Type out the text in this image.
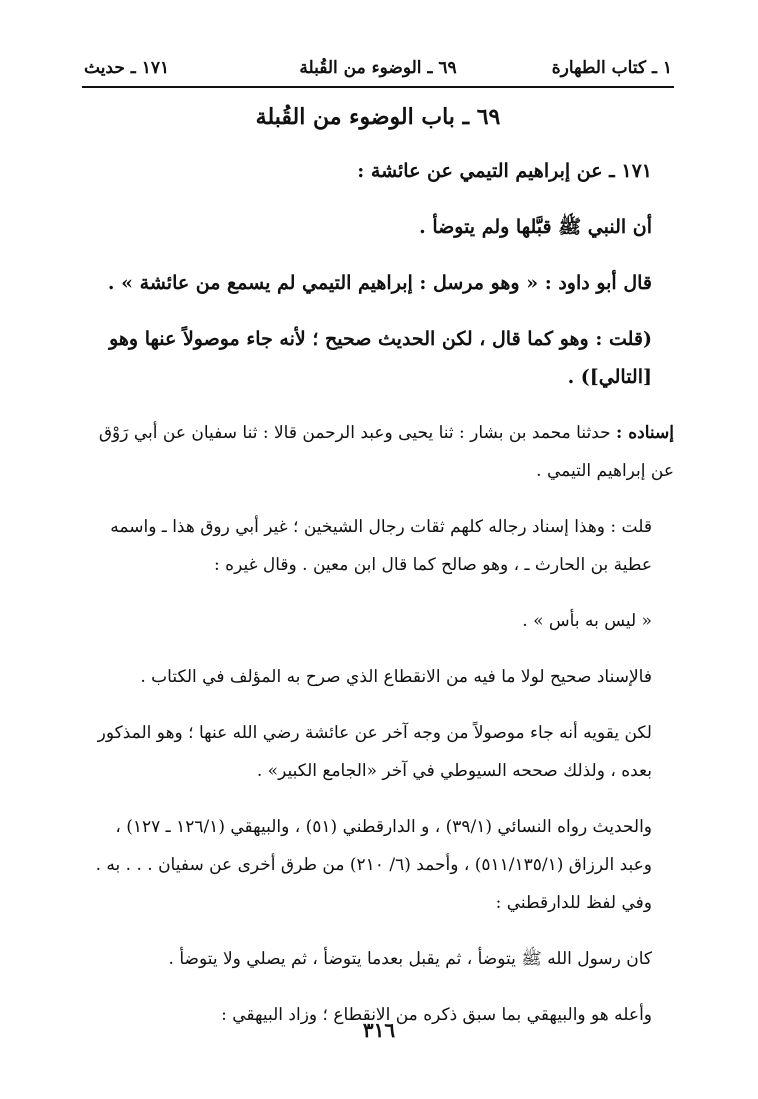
١ ـ كتاب الطهارة
٦٩ ـ الوضوء من القُبلة
١٧١ ـ حديث
٦٩ ـ باب الوضوء من القُبلة

١٧١ ـ عن إبراهيم التيمي عن عائشة :

أن النبي ﷺ قبَّلها ولم يتوضأ .

قال أبو داود : « وهو مرسل : إبراهيم التيمي لم يسمع من عائشة » .

(قلت : وهو كما قال ، لكن الحديث صحيح ؛ لأنه جاء موصولاً عنها وهو [التالي]) .

إسناده : حدثنا محمد بن بشار : ثنا يحيى وعبد الرحمن قالا : ثنا سفيان عن أبي رَوْق عن إبراهيم التيمي .

قلت : وهذا إسناد رجاله كلهم ثقات رجال الشيخين ؛ غير أبي روق هذا ـ واسمه عطية بن الحارث ـ ، وهو صالح كما قال ابن معين . وقال غيره :

« ليس به بأس » .

فالإسناد صحيح لولا ما فيه من الانقطاع الذي صرح به المؤلف في الكتاب .

لكن يقويه أنه جاء موصولاً من وجه آخر عن عائشة رضي الله عنها ؛ وهو المذكور بعده ، ولذلك صححه السيوطي في آخر «الجامع الكبير» .

والحديث رواه النسائي (٣٩/١) ، و الدارقطني (٥١) ، والبيهقي (١٢٦/١ ـ ١٢٧) ، وعبد الرزاق (٥١١/١٣٥/١) ، وأحمد (٦/ ٢١٠) من طرق أخرى عن سفيان . . . به . وفي لفظ للدارقطني :

كان رسول الله ﷺ يتوضأ ، ثم يقبل بعدما يتوضأ ، ثم يصلي ولا يتوضأ .

وأعله هو والبيهقي بما سبق ذكره من الانقطاع ؛ وزاد البيهقي :

٣١٦
